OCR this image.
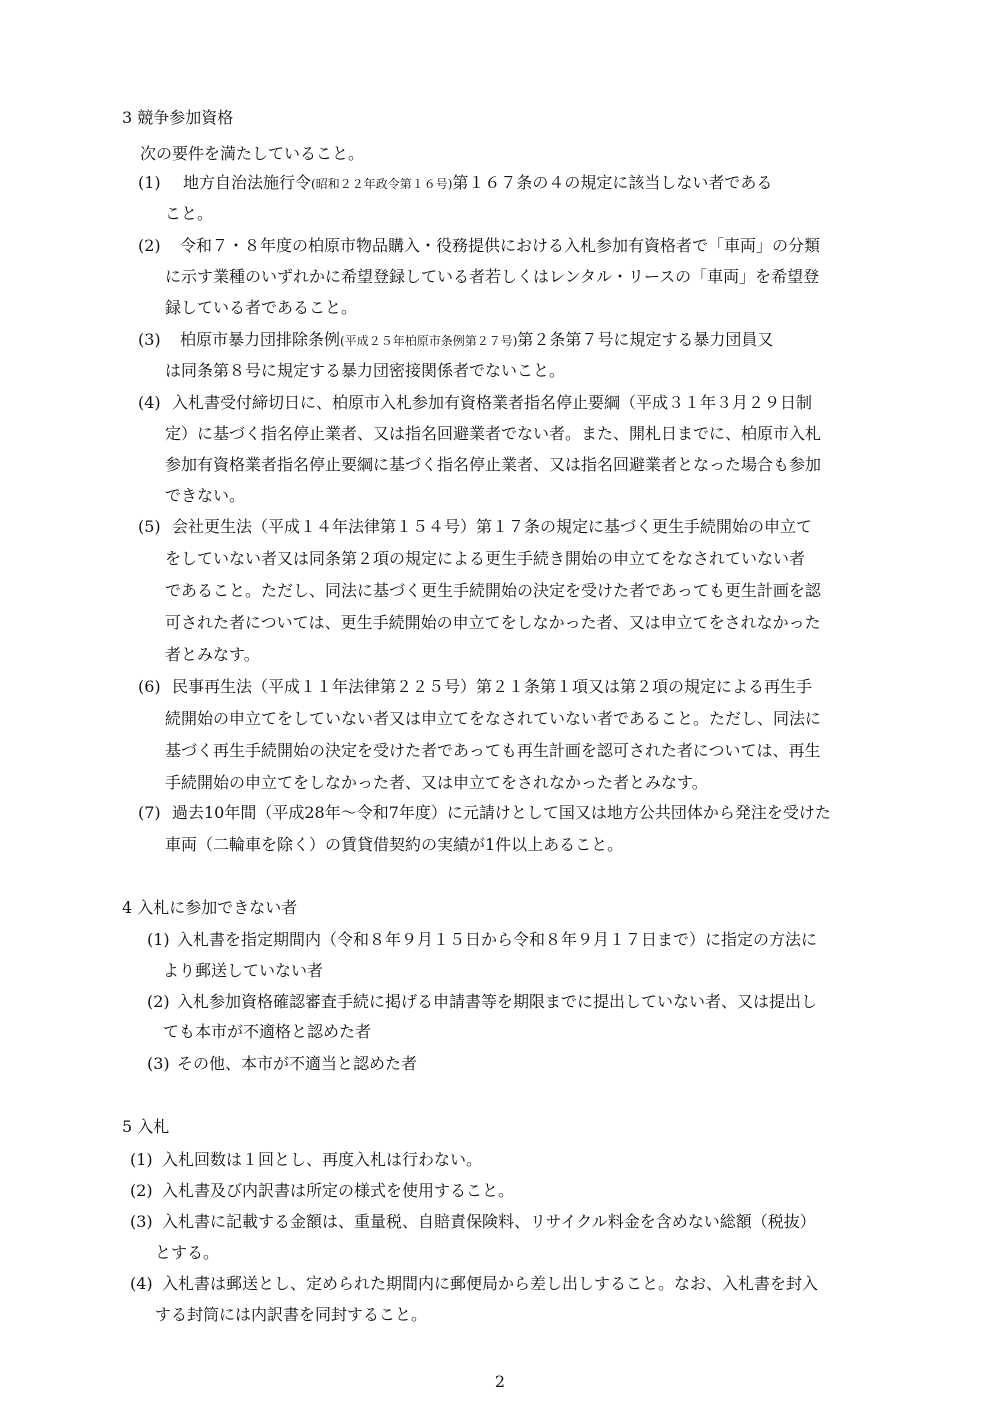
3 競争参加資格
次の要件を満たしていること。
(1) 地方自治法施行令(昭和２２年政令第１６号)第１６７条の４の規定に該当しない者である
こと。
(2) 令和７・８年度の柏原市物品購入・役務提供における入札参加有資格者で「車両」の分類
に示す業種のいずれかに希望登録している者若しくはレンタル・リースの「車両」を希望登
録している者であること。
(3) 柏原市暴力団排除条例(平成２５年柏原市条例第２７号)第２条第７号に規定する暴力団員又
は同条第８号に規定する暴力団密接関係者でないこと。
(4) 入札書受付締切日に、柏原市入札参加有資格業者指名停止要綱（平成３１年３月２９日制
定）に基づく指名停止業者、又は指名回避業者でない者。また、開札日までに、柏原市入札
参加有資格業者指名停止要綱に基づく指名停止業者、又は指名回避業者となった場合も参加
できない。
(5) 会社更生法（平成１４年法律第１５４号）第１７条の規定に基づく更生手続開始の申立て
をしていない者又は同条第２項の規定による更生手続き開始の申立てをなされていない者
であること。ただし、同法に基づく更生手続開始の決定を受けた者であっても更生計画を認
可された者については、更生手続開始の申立てをしなかった者、又は申立てをされなかった
者とみなす。
(6) 民事再生法（平成１１年法律第２２５号）第２１条第１項又は第２項の規定による再生手
続開始の申立てをしていない者又は申立てをなされていない者であること。ただし、同法に
基づく再生手続開始の決定を受けた者であっても再生計画を認可された者については、再生
手続開始の申立てをしなかった者、又は申立てをされなかった者とみなす。
(7) 過去10年間（平成28年～令和7年度）に元請けとして国又は地方公共団体から発注を受けた
車両（二輪車を除く）の賃貸借契約の実績が1件以上あること。
4 入札に参加できない者
(1) 入札書を指定期間内（令和８年９月１５日から令和８年９月１７日まで）に指定の方法に
より郵送していない者
(2) 入札参加資格確認審査手続に掲げる申請書等を期限までに提出していない者、又は提出し
ても本市が不適格と認めた者
(3) その他、本市が不適当と認めた者
5 入札
(1) 入札回数は１回とし、再度入札は行わない。
(2) 入札書及び内訳書は所定の様式を使用すること。
(3) 入札書に記載する金額は、重量税、自賠責保険料、リサイクル料金を含めない総額（税抜）
とする。
(4) 入札書は郵送とし、定められた期間内に郵便局から差し出しすること。なお、入札書を封入
する封筒には内訳書を同封すること。
2
